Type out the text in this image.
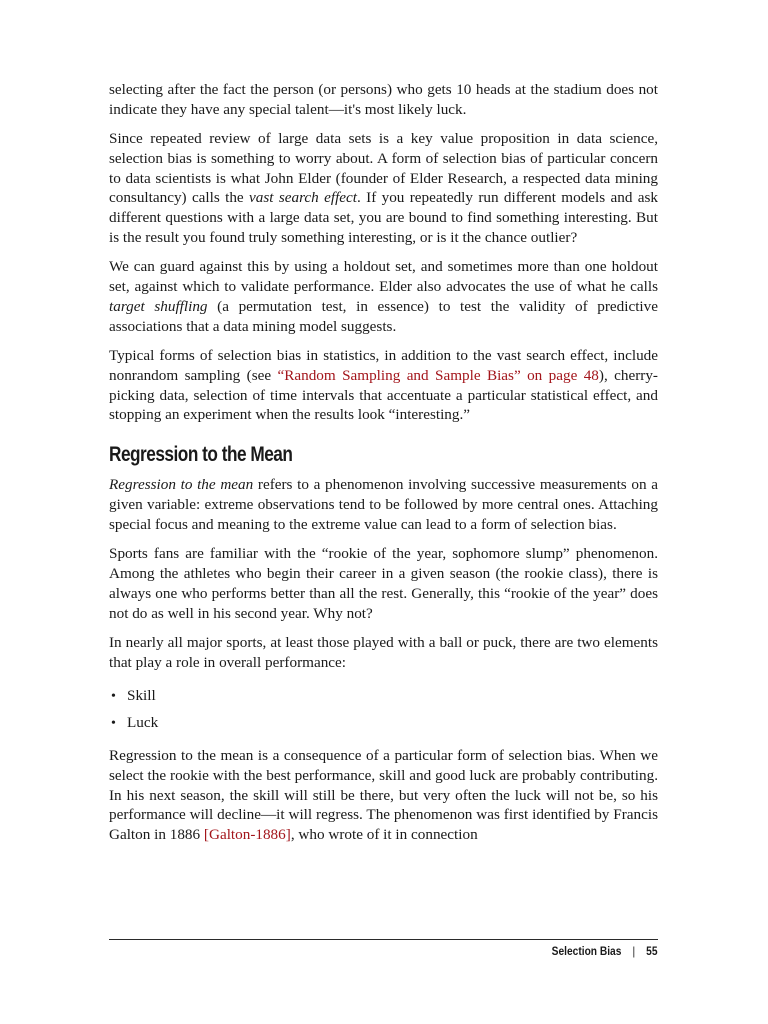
selecting after the fact the person (or persons) who gets 10 heads at the stadium does not indicate they have any special talent—it's most likely luck.

Since repeated review of large data sets is a key value proposition in data science, selection bias is something to worry about. A form of selection bias of particular concern to data scientists is what John Elder (founder of Elder Research, a respected data mining consultancy) calls the vast search effect. If you repeatedly run different models and ask different questions with a large data set, you are bound to find something interesting. But is the result you found truly something interesting, or is it the chance outlier?

We can guard against this by using a holdout set, and sometimes more than one holdout set, against which to validate performance. Elder also advocates the use of what he calls target shuffling (a permutation test, in essence) to test the validity of predictive associations that a data mining model suggests.

Typical forms of selection bias in statistics, in addition to the vast search effect, include nonrandom sampling (see “Random Sampling and Sample Bias” on page 48), cherry-picking data, selection of time intervals that accentuate a particular statistical effect, and stopping an experiment when the results look “interesting.”

Regression to the Mean

Regression to the mean refers to a phenomenon involving successive measurements on a given variable: extreme observations tend to be followed by more central ones. Attaching special focus and meaning to the extreme value can lead to a form of selection bias.

Sports fans are familiar with the “rookie of the year, sophomore slump” phenomenon. Among the athletes who begin their career in a given season (the rookie class), there is always one who performs better than all the rest. Generally, this “rookie of the year” does not do as well in his second year. Why not?

In nearly all major sports, at least those played with a ball or puck, there are two elements that play a role in overall performance:

• Skill
• Luck

Regression to the mean is a consequence of a particular form of selection bias. When we select the rookie with the best performance, skill and good luck are probably contributing. In his next season, the skill will still be there, but very often the luck will not be, so his performance will decline—it will regress. The phenomenon was first identified by Francis Galton in 1886 [Galton-1886], who wrote of it in connection

Selection Bias | 55
